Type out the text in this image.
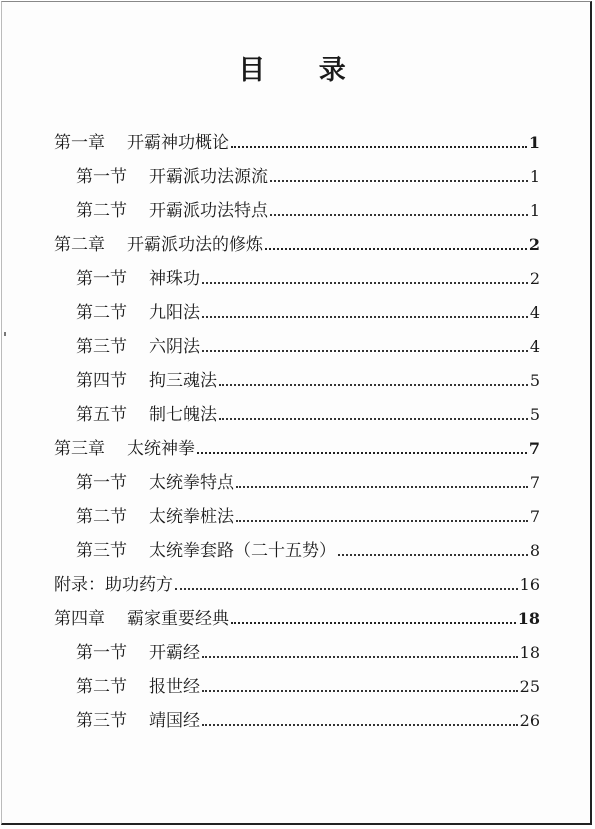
目 录
第一章 开霸神功概论	1
第一节 开霸派功法源流	1
第二节 开霸派功法特点	1
第二章 开霸派功法的修炼	2
第一节 神珠功	2
第二节 九阳法	4
第三节 六阴法	4
第四节 拘三魂法	5
第五节 制七魄法	5
第三章 太统神拳	7
第一节 太统拳特点	7
第二节 太统拳桩法	7
第三节 太统拳套路（二十五势）	8
附录： 助功药方	16
第四章 霸家重要经典	18
第一节 开霸经	18
第二节 报世经	25
第三节 靖国经	26
